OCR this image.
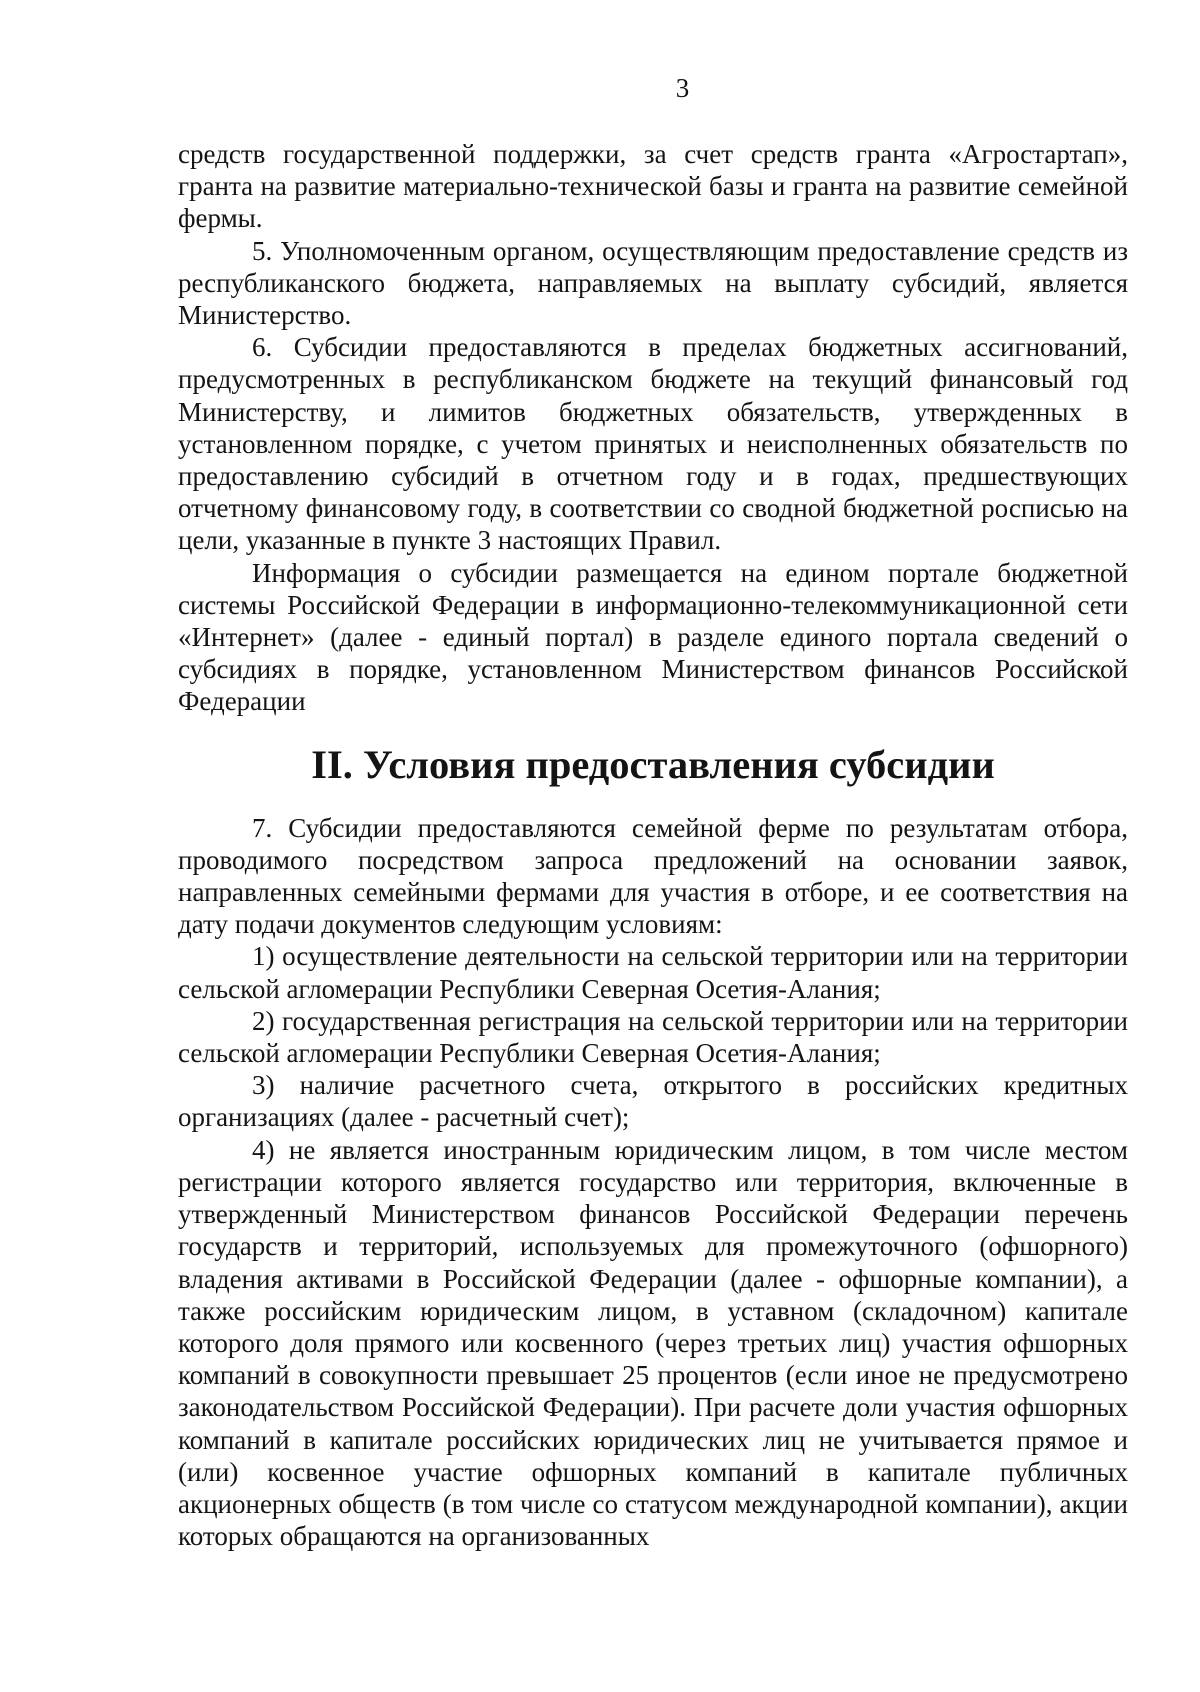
3

средств государственной поддержки, за счет средств гранта «Агростартап», гранта на развитие материально-технической базы и гранта на развитие семейной фермы.

5. Уполномоченным органом, осуществляющим предоставление средств из республиканского бюджета, направляемых на выплату субсидий, является Министерство.

6. Субсидии предоставляются в пределах бюджетных ассигнований, предусмотренных в республиканском бюджете на текущий финансовый год Министерству, и лимитов бюджетных обязательств, утвержденных в установленном порядке, с учетом принятых и неисполненных обязательств по предоставлению субсидий в отчетном году и в годах, предшествующих отчетному финансовому году, в соответствии со сводной бюджетной росписью на цели, указанные в пункте 3 настоящих Правил.

Информация о субсидии размещается на едином портале бюджетной системы Российской Федерации в информационно-телекоммуникационной сети «Интернет» (далее - единый портал) в разделе единого портала сведений о субсидиях в порядке, установленном Министерством финансов Российской Федерации

II. Условия предоставления субсидии

7. Субсидии предоставляются семейной ферме по результатам отбора, проводимого посредством запроса предложений на основании заявок, направленных семейными фермами для участия в отборе, и ее соответствия на дату подачи документов следующим условиям:

1) осуществление деятельности на сельской территории или на территории сельской агломерации Республики Северная Осетия-Алания;

2) государственная регистрация на сельской территории или на территории сельской агломерации Республики Северная Осетия-Алания;

3) наличие расчетного счета, открытого в российских кредитных организациях (далее - расчетный счет);

4) не является иностранным юридическим лицом, в том числе местом регистрации которого является государство или территория, включенные в утвержденный Министерством финансов Российской Федерации перечень государств и территорий, используемых для промежуточного (офшорного) владения активами в Российской Федерации (далее - офшорные компании), а также российским юридическим лицом, в уставном (складочном) капитале которого доля прямого или косвенного (через третьих лиц) участия офшорных компаний в совокупности превышает 25 процентов (если иное не предусмотрено законодательством Российской Федерации). При расчете доли участия офшорных компаний в капитале российских юридических лиц не учитывается прямое и (или) косвенное участие офшорных компаний в капитале публичных акционерных обществ (в том числе со статусом международной компании), акции которых обращаются на организованных
